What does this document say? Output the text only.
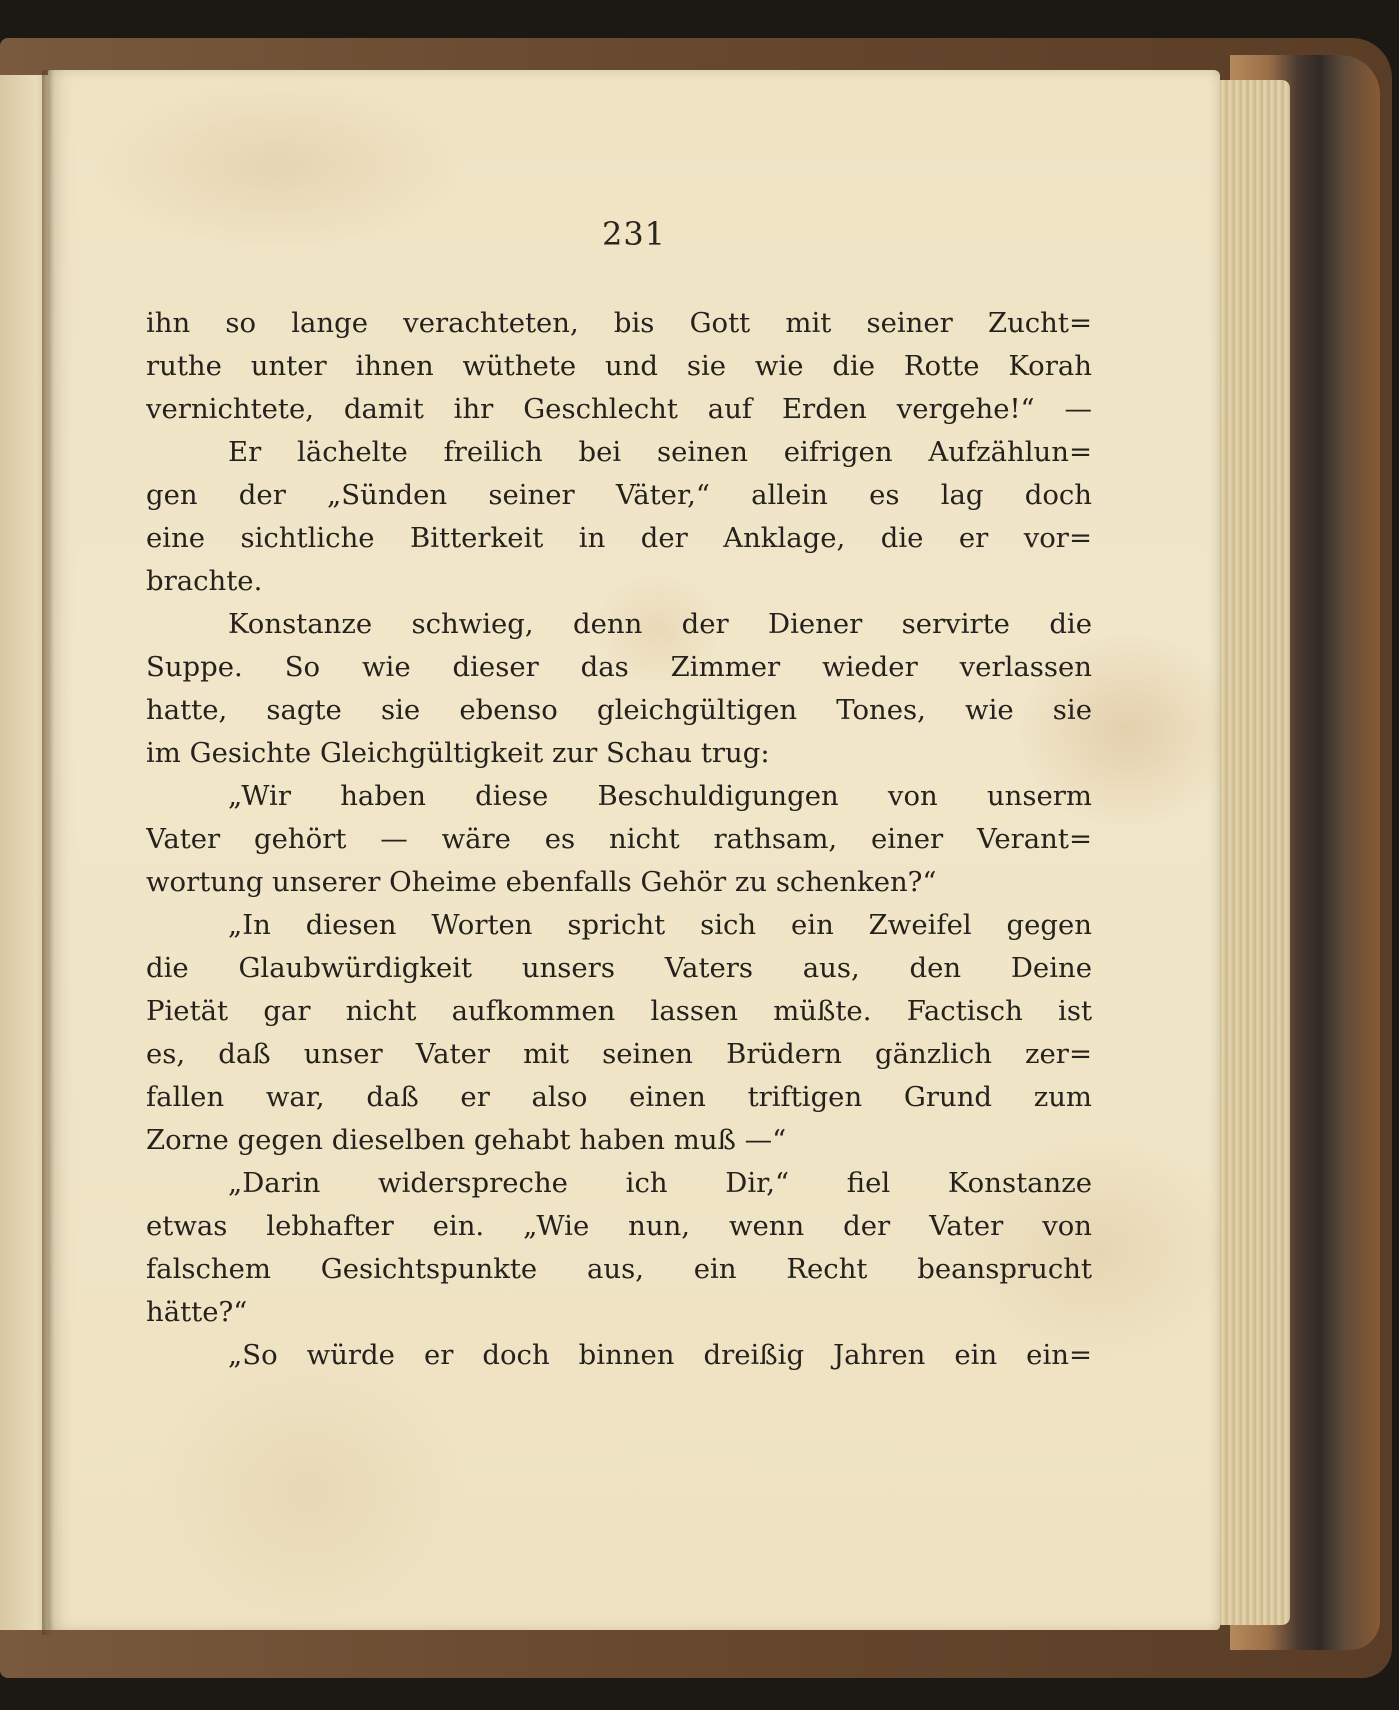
231
ihn so lange verachteten, bis Gott mit seiner Zucht=
ruthe unter ihnen wüthete und sie wie die Rotte Korah
vernichtete, damit ihr Geschlecht auf Erden vergehe!“ —
Er lächelte freilich bei seinen eifrigen Aufzählun=
gen der „Sünden seiner Väter,“ allein es lag doch
eine sichtliche Bitterkeit in der Anklage, die er vor=
brachte.
Konstanze schwieg, denn der Diener servirte die
Suppe. So wie dieser das Zimmer wieder verlassen
hatte, sagte sie ebenso gleichgültigen Tones, wie sie
im Gesichte Gleichgültigkeit zur Schau trug:
„Wir haben diese Beschuldigungen von unserm
Vater gehört — wäre es nicht rathsam, einer Verant=
wortung unserer Oheime ebenfalls Gehör zu schenken?“
„In diesen Worten spricht sich ein Zweifel gegen
die Glaubwürdigkeit unsers Vaters aus, den Deine
Pietät gar nicht aufkommen lassen müßte. Factisch ist
es, daß unser Vater mit seinen Brüdern gänzlich zer=
fallen war, daß er also einen triftigen Grund zum
Zorne gegen dieselben gehabt haben muß —“
„Darin widerspreche ich Dir,“ fiel Konstanze
etwas lebhafter ein. „Wie nun, wenn der Vater von
falschem Gesichtspunkte aus, ein Recht beansprucht
hätte?“
„So würde er doch binnen dreißig Jahren ein ein=
